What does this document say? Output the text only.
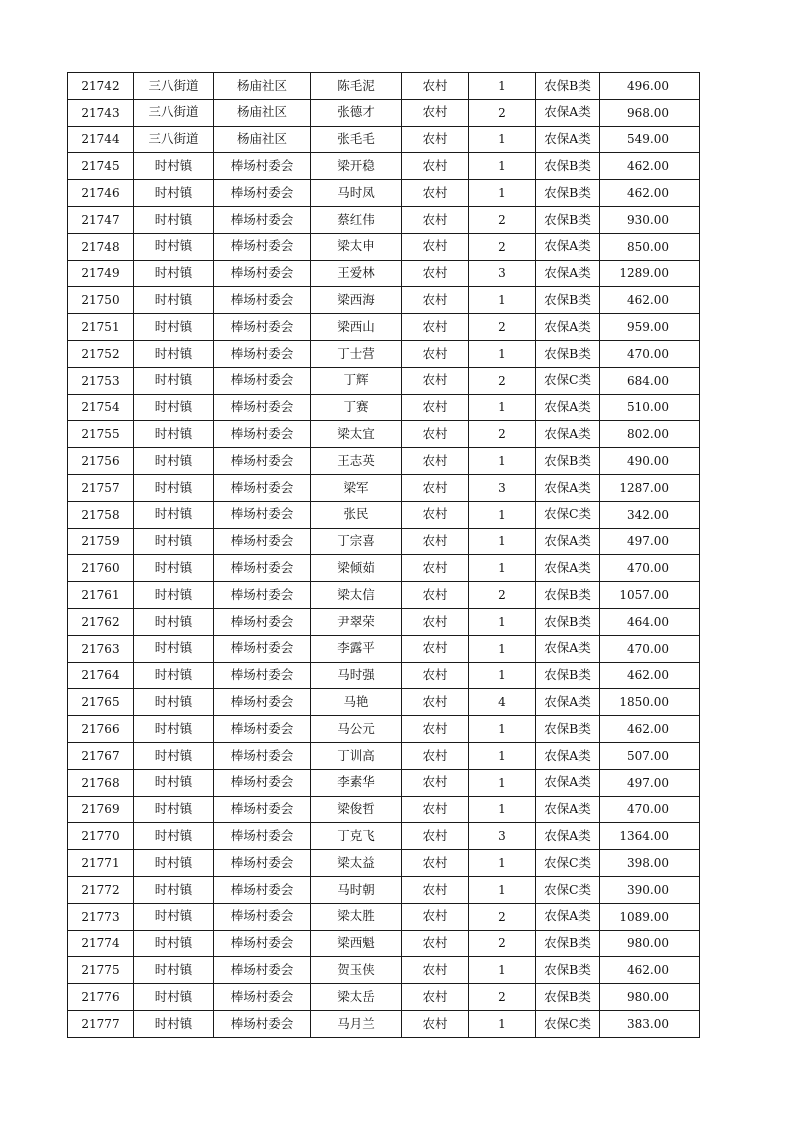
21742	三八街道	杨庙社区	陈毛泥	农村	1	农保B类	496.00
21743	三八街道	杨庙社区	张德才	农村	2	农保A类	968.00
21744	三八街道	杨庙社区	张毛毛	农村	1	农保A类	549.00
21745	时村镇	棒场村委会	梁开稳	农村	1	农保B类	462.00
21746	时村镇	棒场村委会	马时凤	农村	1	农保B类	462.00
21747	时村镇	棒场村委会	蔡红伟	农村	2	农保B类	930.00
21748	时村镇	棒场村委会	梁太申	农村	2	农保A类	850.00
21749	时村镇	棒场村委会	王爱林	农村	3	农保A类	1289.00
21750	时村镇	棒场村委会	梁西海	农村	1	农保B类	462.00
21751	时村镇	棒场村委会	梁西山	农村	2	农保A类	959.00
21752	时村镇	棒场村委会	丁士营	农村	1	农保B类	470.00
21753	时村镇	棒场村委会	丁辉	农村	2	农保C类	684.00
21754	时村镇	棒场村委会	丁赛	农村	1	农保A类	510.00
21755	时村镇	棒场村委会	梁太宜	农村	2	农保A类	802.00
21756	时村镇	棒场村委会	王志英	农村	1	农保B类	490.00
21757	时村镇	棒场村委会	梁军	农村	3	农保A类	1287.00
21758	时村镇	棒场村委会	张民	农村	1	农保C类	342.00
21759	时村镇	棒场村委会	丁宗喜	农村	1	农保A类	497.00
21760	时村镇	棒场村委会	梁倾茹	农村	1	农保A类	470.00
21761	时村镇	棒场村委会	梁太信	农村	2	农保B类	1057.00
21762	时村镇	棒场村委会	尹翠荣	农村	1	农保B类	464.00
21763	时村镇	棒场村委会	李露平	农村	1	农保A类	470.00
21764	时村镇	棒场村委会	马时强	农村	1	农保B类	462.00
21765	时村镇	棒场村委会	马艳	农村	4	农保A类	1850.00
21766	时村镇	棒场村委会	马公元	农村	1	农保B类	462.00
21767	时村镇	棒场村委会	丁训高	农村	1	农保A类	507.00
21768	时村镇	棒场村委会	李素华	农村	1	农保A类	497.00
21769	时村镇	棒场村委会	梁俊哲	农村	1	农保A类	470.00
21770	时村镇	棒场村委会	丁克飞	农村	3	农保A类	1364.00
21771	时村镇	棒场村委会	梁太益	农村	1	农保C类	398.00
21772	时村镇	棒场村委会	马时朝	农村	1	农保C类	390.00
21773	时村镇	棒场村委会	梁太胜	农村	2	农保A类	1089.00
21774	时村镇	棒场村委会	梁西魁	农村	2	农保B类	980.00
21775	时村镇	棒场村委会	贺玉侠	农村	1	农保B类	462.00
21776	时村镇	棒场村委会	梁太岳	农村	2	农保B类	980.00
21777	时村镇	棒场村委会	马月兰	农村	1	农保C类	383.00
